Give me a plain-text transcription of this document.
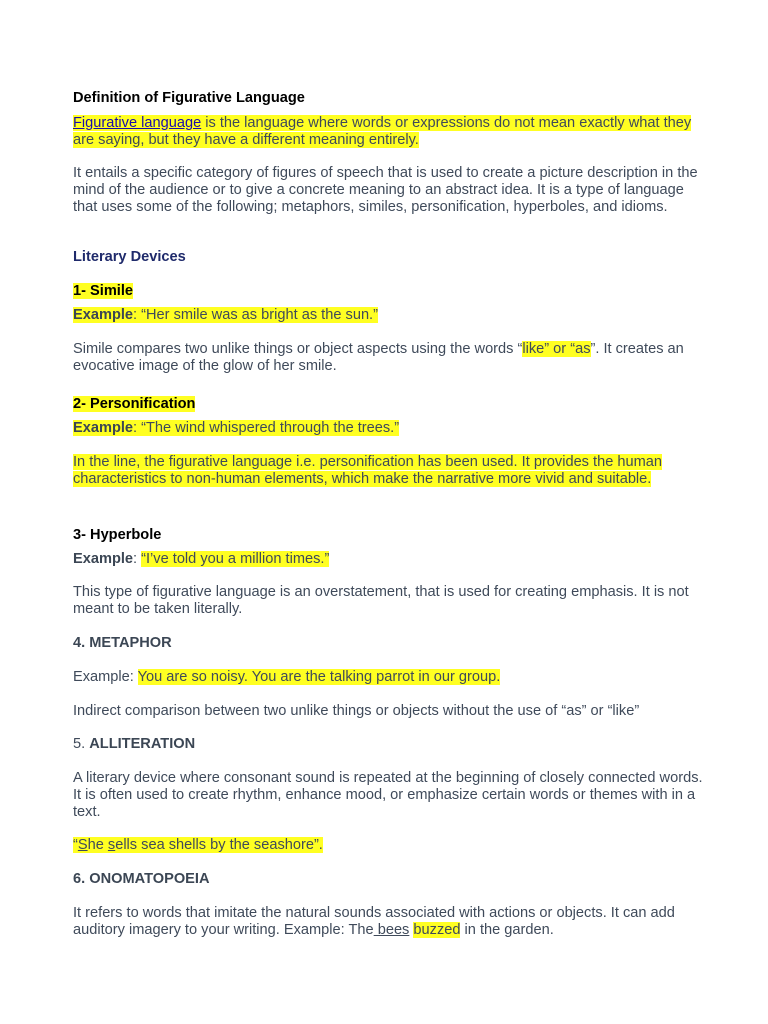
Definition of Figurative Language

Figurative language is the language where words or expressions do not mean exactly what they are saying, but they have a different meaning entirely.

It entails a specific category of figures of speech that is used to create a picture description in the mind of the audience or to give a concrete meaning to an abstract idea. It is a type of language that uses some of the following; metaphors, similes, personification, hyperboles, and idioms.

Literary Devices

1- Simile

Example: “Her smile was as bright as the sun.”

Simile compares two unlike things or object aspects using the words “like” or “as”. It creates an evocative image of the glow of her smile.

2- Personification

Example: “The wind whispered through the trees.”

In the line, the figurative language i.e. personification has been used. It provides the human characteristics to non-human elements, which make the narrative more vivid and suitable.

3- Hyperbole

Example: “I’ve told you a million times.”

This type of figurative language is an overstatement, that is used for creating emphasis. It is not meant to be taken literally.

4. METAPHOR

Example: You are so noisy. You are the talking parrot in our group.

Indirect comparison between two unlike things or objects without the use of “as” or “like”

5. ALLITERATION

A literary device where consonant sound is repeated at the beginning of closely connected words. It is often used to create rhythm, enhance mood, or emphasize certain words or themes with in a text.

“She sells sea shells by the seashore”.

6. ONOMATOPOEIA

It refers to words that imitate the natural sounds associated with actions or objects. It can add auditory imagery to your writing. Example: The bees buzzed in the garden.
